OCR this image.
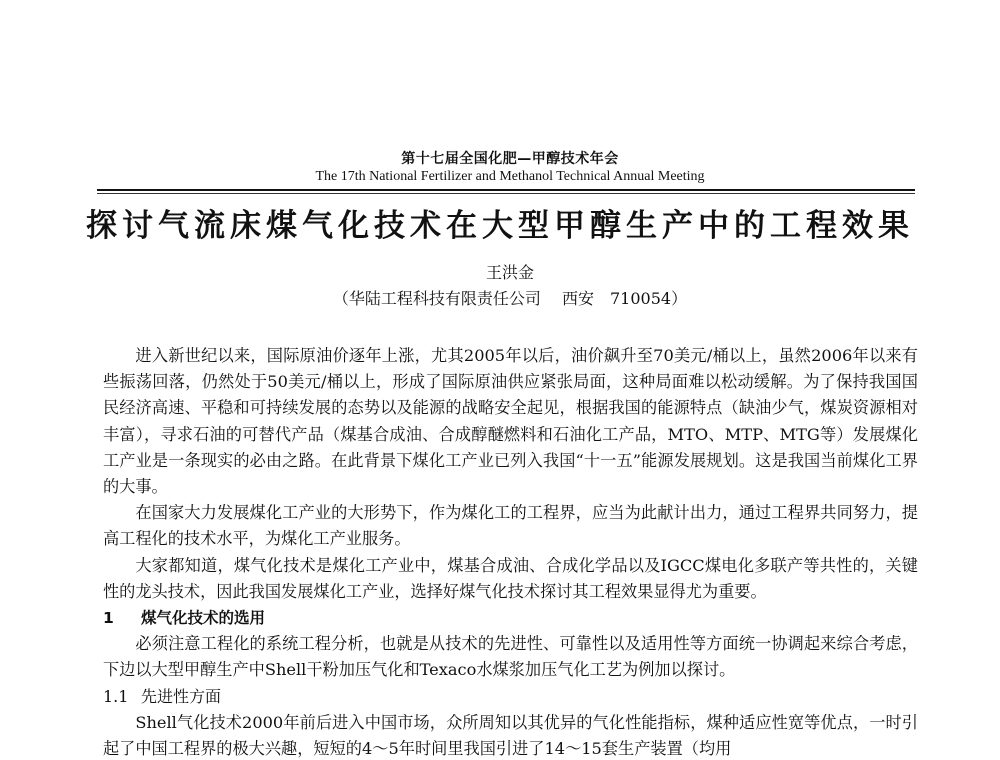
第十七届全国化肥—甲醇技术年会
The 17th National Fertilizer and Methanol Technical Annual Meeting
探讨气流床煤气化技术在大型甲醇生产中的工程效果
王洪金
（华陆工程科技有限责任公司　 西安　710054）

进入新世纪以来，国际原油价逐年上涨，尤其2005年以后，油价飙升至70美元/桶以上，虽然2006年以来有些振荡回落，仍然处于50美元/桶以上，形成了国际原油供应紧张局面，这种局面难以松动缓解。为了保持我国国民经济高速、平稳和可持续发展的态势以及能源的战略安全起见，根据我国的能源特点（缺油少气，煤炭资源相对丰富），寻求石油的可替代产品（煤基合成油、合成醇醚燃料和石油化工产品，MTO、MTP、MTG等）发展煤化工产业是一条现实的必由之路。在此背景下煤化工产业已列入我国“十一五”能源发展规划。这是我国当前煤化工界的大事。

在国家大力发展煤化工产业的大形势下，作为煤化工的工程界，应当为此献计出力，通过工程界共同努力，提高工程化的技术水平，为煤化工产业服务。

大家都知道，煤气化技术是煤化工产业中，煤基合成油、合成化学品以及IGCC煤电化多联产等共性的，关键性的龙头技术，因此我国发展煤化工产业，选择好煤气化技术探讨其工程效果显得尤为重要。

1 煤气化技术的选用

必须注意工程化的系统工程分析，也就是从技术的先进性、可靠性以及适用性等方面统一协调起来综合考虑，下边以大型甲醇生产中Shell干粉加压气化和Texaco水煤浆加压气化工艺为例加以探讨。

1.1 先进性方面

Shell气化技术2000年前后进入中国市场，众所周知以其优异的气化性能指标，煤种适应性宽等优点，一时引起了中国工程界的极大兴趣，短短的4～5年时间里我国引进了14～15套生产装置（均用
